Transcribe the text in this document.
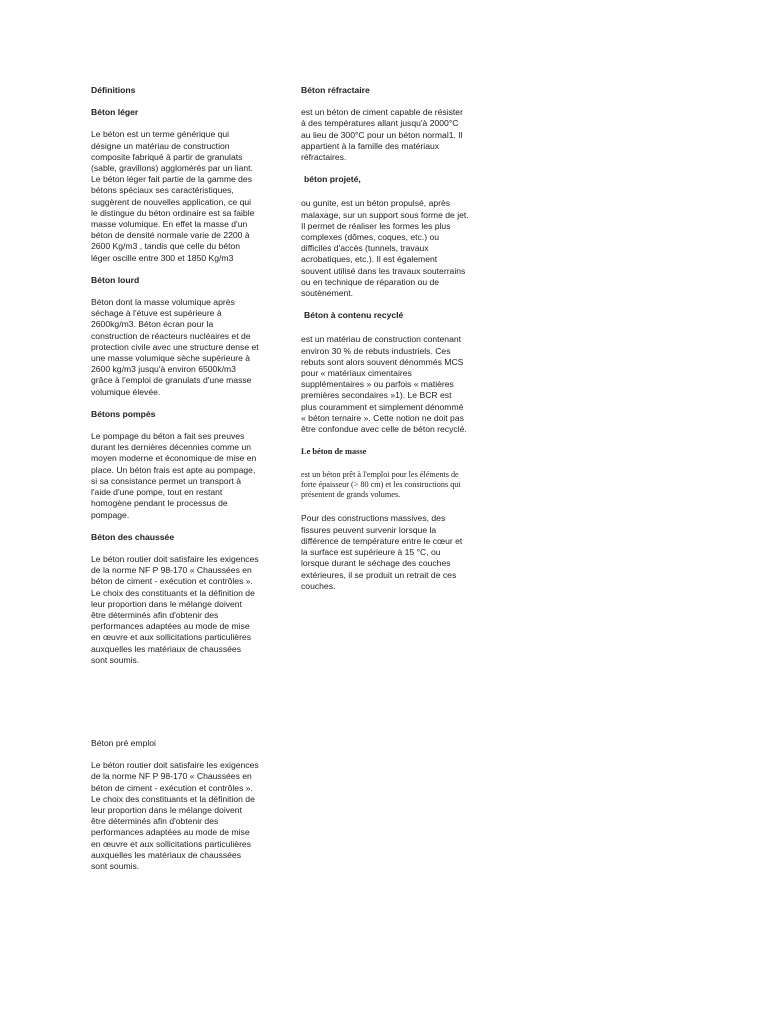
Définitions
Béton léger

Le béton est un terme générique qui désigne un matériau de construction composite fabriqué à partir de granulats (sable, gravillons) agglomérés par un liant. Le béton léger fait partie de la gamme des bétons spéciaux ses caractéristiques, suggèrent de nouvelles application, ce qui le distingue du béton ordinaire est sa faible masse volumique. En effet la masse d'un béton de densité normale varie de 2200 à 2600 Kg/m3 , tandis que celle du béton léger oscille entre 300 et 1850 Kg/m3

Béton lourd

Béton dont la masse volumique après séchage à l'étuve est supérieure à 2600kg/m3. Béton écran pour la construction de réacteurs nucléaires et de protection civile avec une structure dense et une masse volumique sèche supérieure à 2600 kg/m3 jusqu'à environ 6500k/m3 grâce à l'emploi de granulats d'une masse volumique élevée.

Bétons pompés

Le pompage du béton a fait ses preuves durant les dernières décennies comme un moyen moderne et économique de mise en place. Un béton frais est apte au pompage, si sa consistance permet un transport à l'aide d'une pompe, tout en restant homogène pendant le processus de pompage.

Béton des chaussée

Le béton routier doit satisfaire les exigences de la norme NF P 98-170 « Chaussées en béton de ciment - exécution et contrôles ». Le choix des constituants et la définition de leur proportion dans le mélange doivent être déterminés afin d'obtenir des performances adaptées au mode de mise en œuvre et aux sollicitations particulières auxquelles les matériaux de chaussées sont soumis.

Béton pré emploi

Le béton routier doit satisfaire les exigences de la norme NF P 98-170 « Chaussées en béton de ciment - exécution et contrôles ». Le choix des constituants et la définition de leur proportion dans le mélange doivent être déterminés afin d'obtenir des performances adaptées au mode de mise en œuvre et aux sollicitations particulières auxquelles les matériaux de chaussées sont soumis.

Béton réfractaire

est un béton de ciment capable de résister à des températures allant jusqu'à 2000°C au lieu de 300°C pour un béton normal1. Il appartient à la famille des matériaux réfractaires.

béton projeté,

ou gunite, est un béton propulsé, après malaxage, sur un support sous forme de jet. Il permet de réaliser les formes les plus complexes (dômes, coques, etc.) ou difficiles d'accès (tunnels, travaux acrobatiques, etc.). Il est également souvent utilisé dans les travaux souterrains ou en technique de réparation ou de soutènement.

Béton à contenu recyclé

est un matériau de construction contenant environ 30 % de rebuts industriels. Ces rebuts sont alors souvent dénommés MCS pour « matériaux cimentaires supplémentaires » ou parfois « matières premières secondaires »1). Le BCR est plus couramment et simplement dénommé « béton ternaire ». Cette notion ne doit pas être confondue avec celle de béton recyclé.

Le béton de masse

est un béton prêt à l'emploi pour les éléments de forte épaisseur (> 80 cm) et les constructions qui présentent de grands volumes.

Pour des constructions massives, des fissures peuvent survenir lorsque la différence de température entre le cœur et la surface est supérieure à 15 °C, ou lorsque durant le séchage des couches extérieures, il se produit un retrait de ces couches.
